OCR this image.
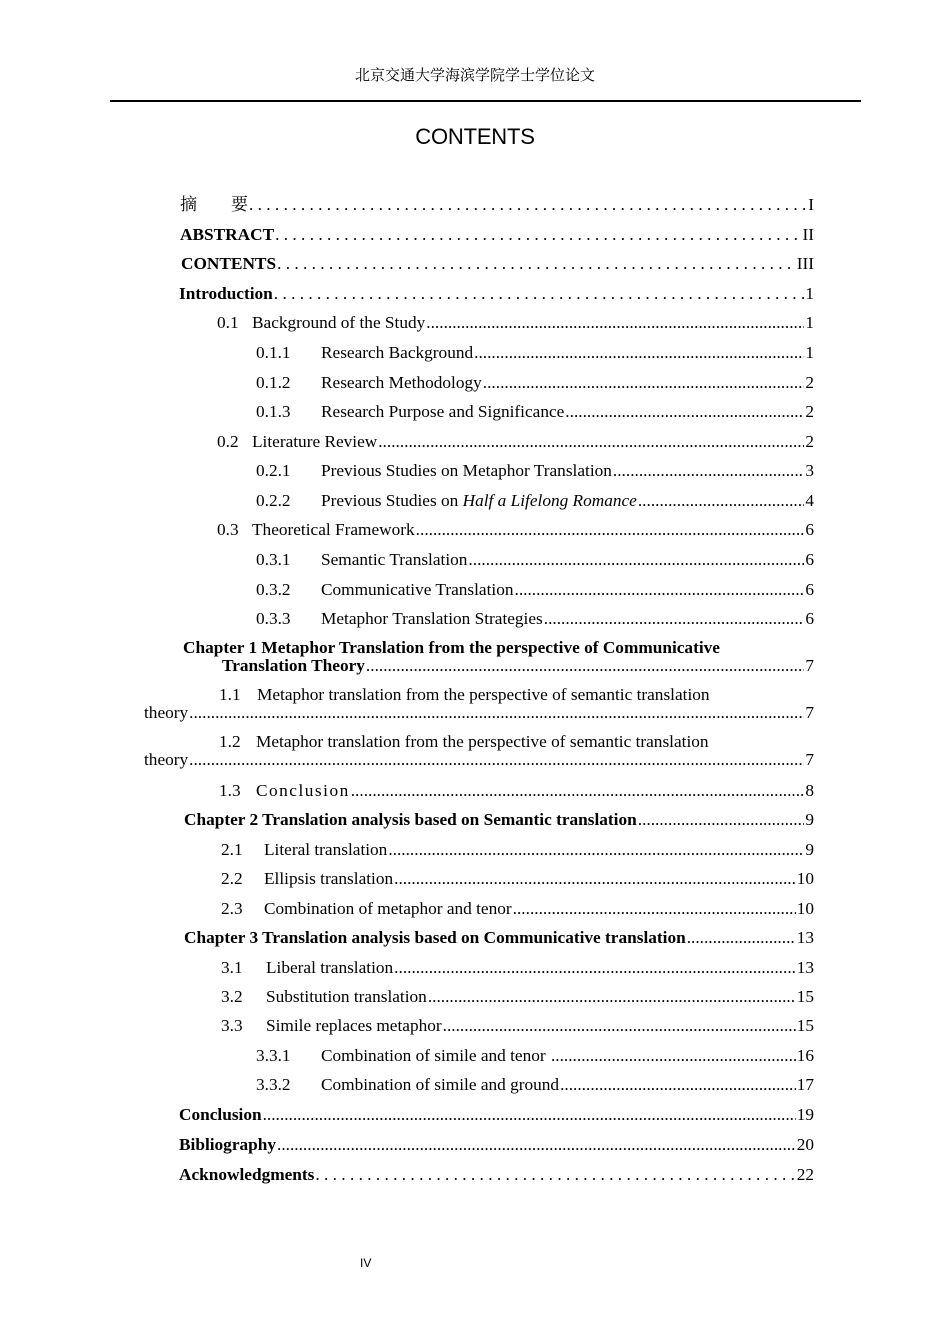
北京交通大学海滨学院学士学位论文
CONTENTS
摘　　要 . . .	I
ABSTRACT . . .	II
CONTENTS . . .	III
Introduction . . .	1
0.1 Background of the Study .....	1
0.1.1	Research Background .....	1
0.1.2	Research Methodology .....	2
0.1.3	Research Purpose and Significance .....	2
0.2 Literature Review .....	2
0.2.1	Previous Studies on Metaphor Translation .....	3
0.2.2	Previous Studies on Half a Lifelong Romance .....	4
0.3 Theoretical Framework .....	6
0.3.1	Semantic Translation .....	6
0.3.2	Communicative Translation .....	6
0.3.3	Metaphor Translation Strategies .....	6
Chapter 1 Metaphor Translation from the perspective of Communicative
Translation Theory .....	7
1.1 Metaphor translation from the perspective of semantic translation
theory .....	7
1.2 Metaphor translation from the perspective of semantic translation
theory .....	7
1.3 Conclusion .....	8
Chapter 2 Translation analysis based on Semantic translation .....	9
2.1	Literal translation .....	9
2.2	Ellipsis translation .....	10
2.3	Combination of metaphor and tenor .....	10
Chapter 3 Translation analysis based on Communicative translation .....	13
3.1	Liberal translation .....	13
3.2	Substitution translation .....	15
3.3	Simile replaces metaphor .....	15
3.3.1	Combination of simile and tenor .....	16
3.3.2	Combination of simile and ground .....	17
Conclusion .....	19
Bibliography .....	20
Acknowledgments . . .	22
IV
